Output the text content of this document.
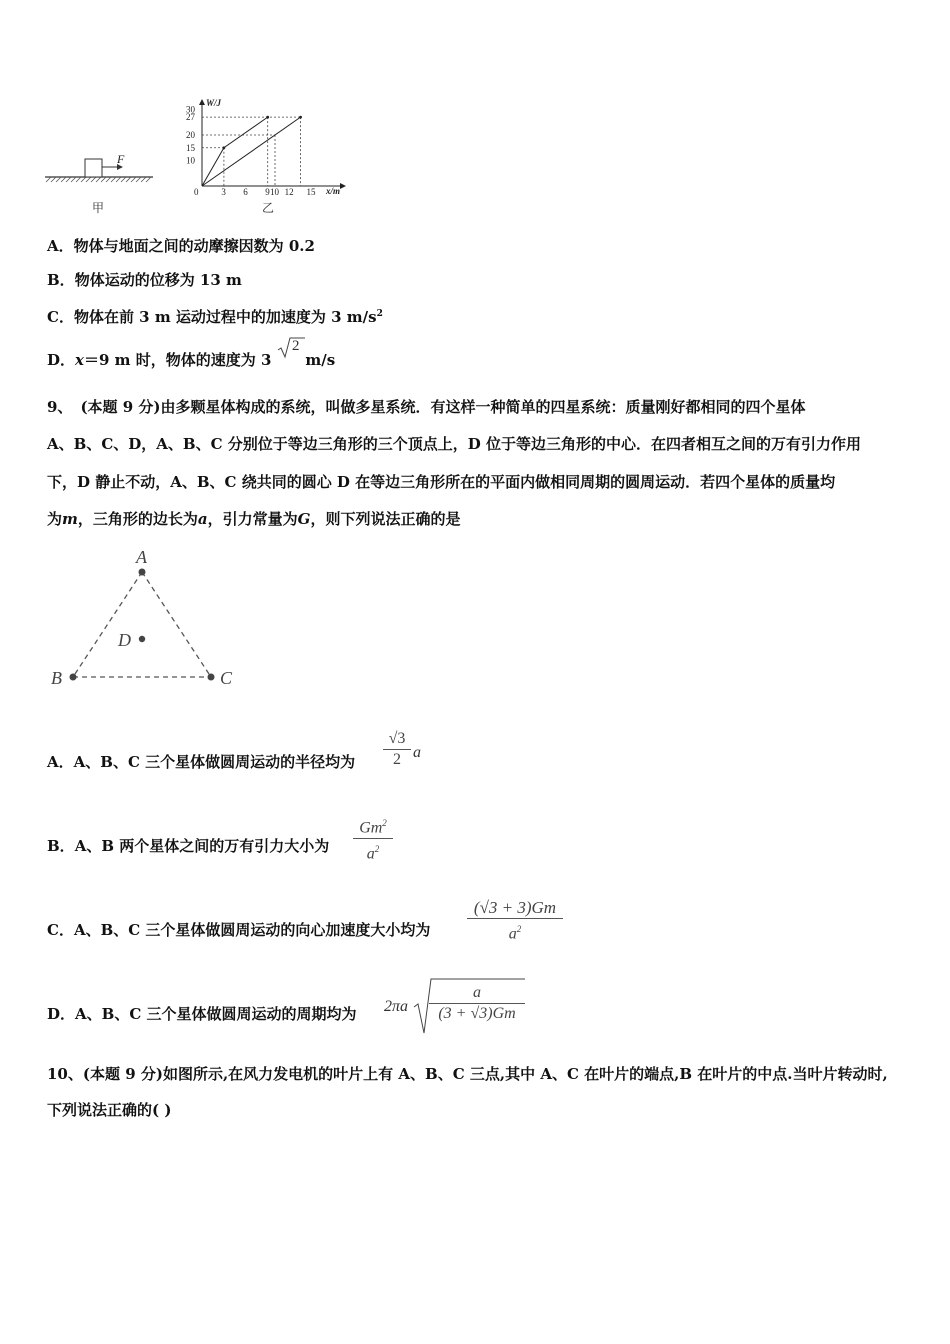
F
甲
W/J
x/m
0
30
27
20
15
10
3 6 9 10 12 15
乙
A．物体与地面之间的动摩擦因数为 0.2
B．物体运动的位移为 13 m
C．物体在前 3 m 运动过程中的加速度为 3 $m/s^2$
D．x＝9 m 时，物体的速度为 3 m/s
2
9、 (本题 9 分)由多颗星体构成的系统，叫做多星系统．有这样一种简单的四星系统：质量刚好都相同的四个星体
A、B、C、D，A、B、C 分别位于等边三角形的三个顶点上，D 位于等边三角形的中心．在四者相互之间的万有引力作用
下，D 静止不动，A、B、C 绕共同的圆心 D 在等边三角形所在的平面内做相同周期的圆周运动．若四个星体的质量均
为m，三角形的边长为a，引力常量为G，则下列说法正确的是
A
B	C
D
A．A、B、C 三个星体做圆周运动的半径均为
√3
2 a
B．A、B 两个星体之间的万有引力大小为
Gm$^2$
$a^2$
C．A、B、C 三个星体做圆周运动的向心加速度大小均为
(√3 + 3)Gm
$a^2$
D．A、B、C 三个星体做圆周运动的周期均为 2πa
a
(3 + √3)Gm
10、(本题 9 分)如图所示,在风力发电机的叶片上有 A、B、C 三点,其中 A、C 在叶片的端点,B 在叶片的中点.当叶片转动时,
下列说法正确的( )
